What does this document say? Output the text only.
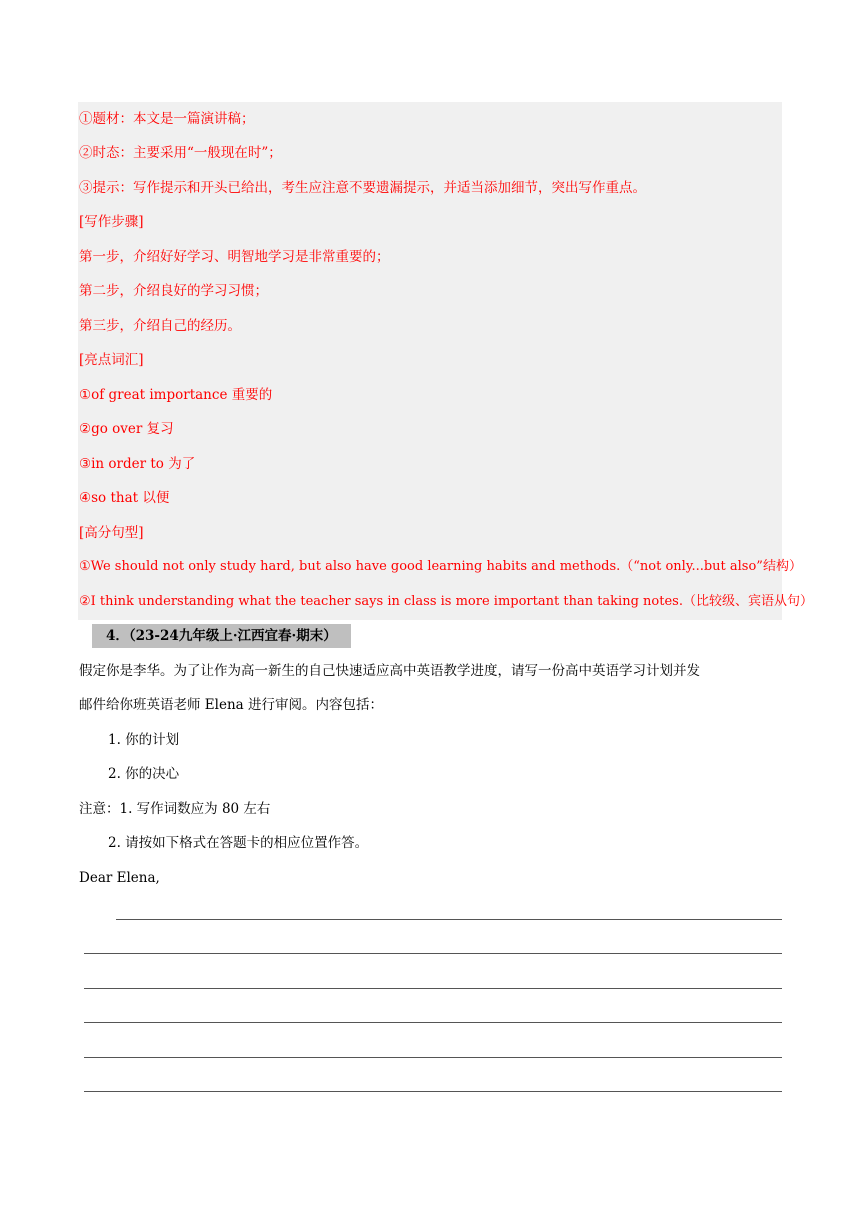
①题材：本文是一篇演讲稿；
②时态：主要采用“一般现在时”；
③提示：写作提示和开头已给出，考生应注意不要遗漏提示，并适当添加细节，突出写作重点。
[写作步骤]
第一步，介绍好好学习、明智地学习是非常重要的；
第二步，介绍良好的学习习惯；
第三步，介绍自己的经历。
[亮点词汇]
①of great importance 重要的
②go over 复习
③in order to 为了
④so that 以便
[高分句型]
①We should not only study hard, but also have good learning habits and methods.（“not only...but also”结构）
②I think understanding what the teacher says in class is more important than taking notes.（比较级、宾语从句）
4．（23-24九年级上·江西宜春·期末）
假定你是李华。为了让作为高一新生的自己快速适应高中英语教学进度，请写一份高中英语学习计划并发
邮件给你班英语老师 Elena 进行审阅。内容包括：
1. 你的计划
2. 你的决心
注意：1. 写作词数应为 80 左右
2. 请按如下格式在答题卡的相应位置作答。
Dear Elena,
